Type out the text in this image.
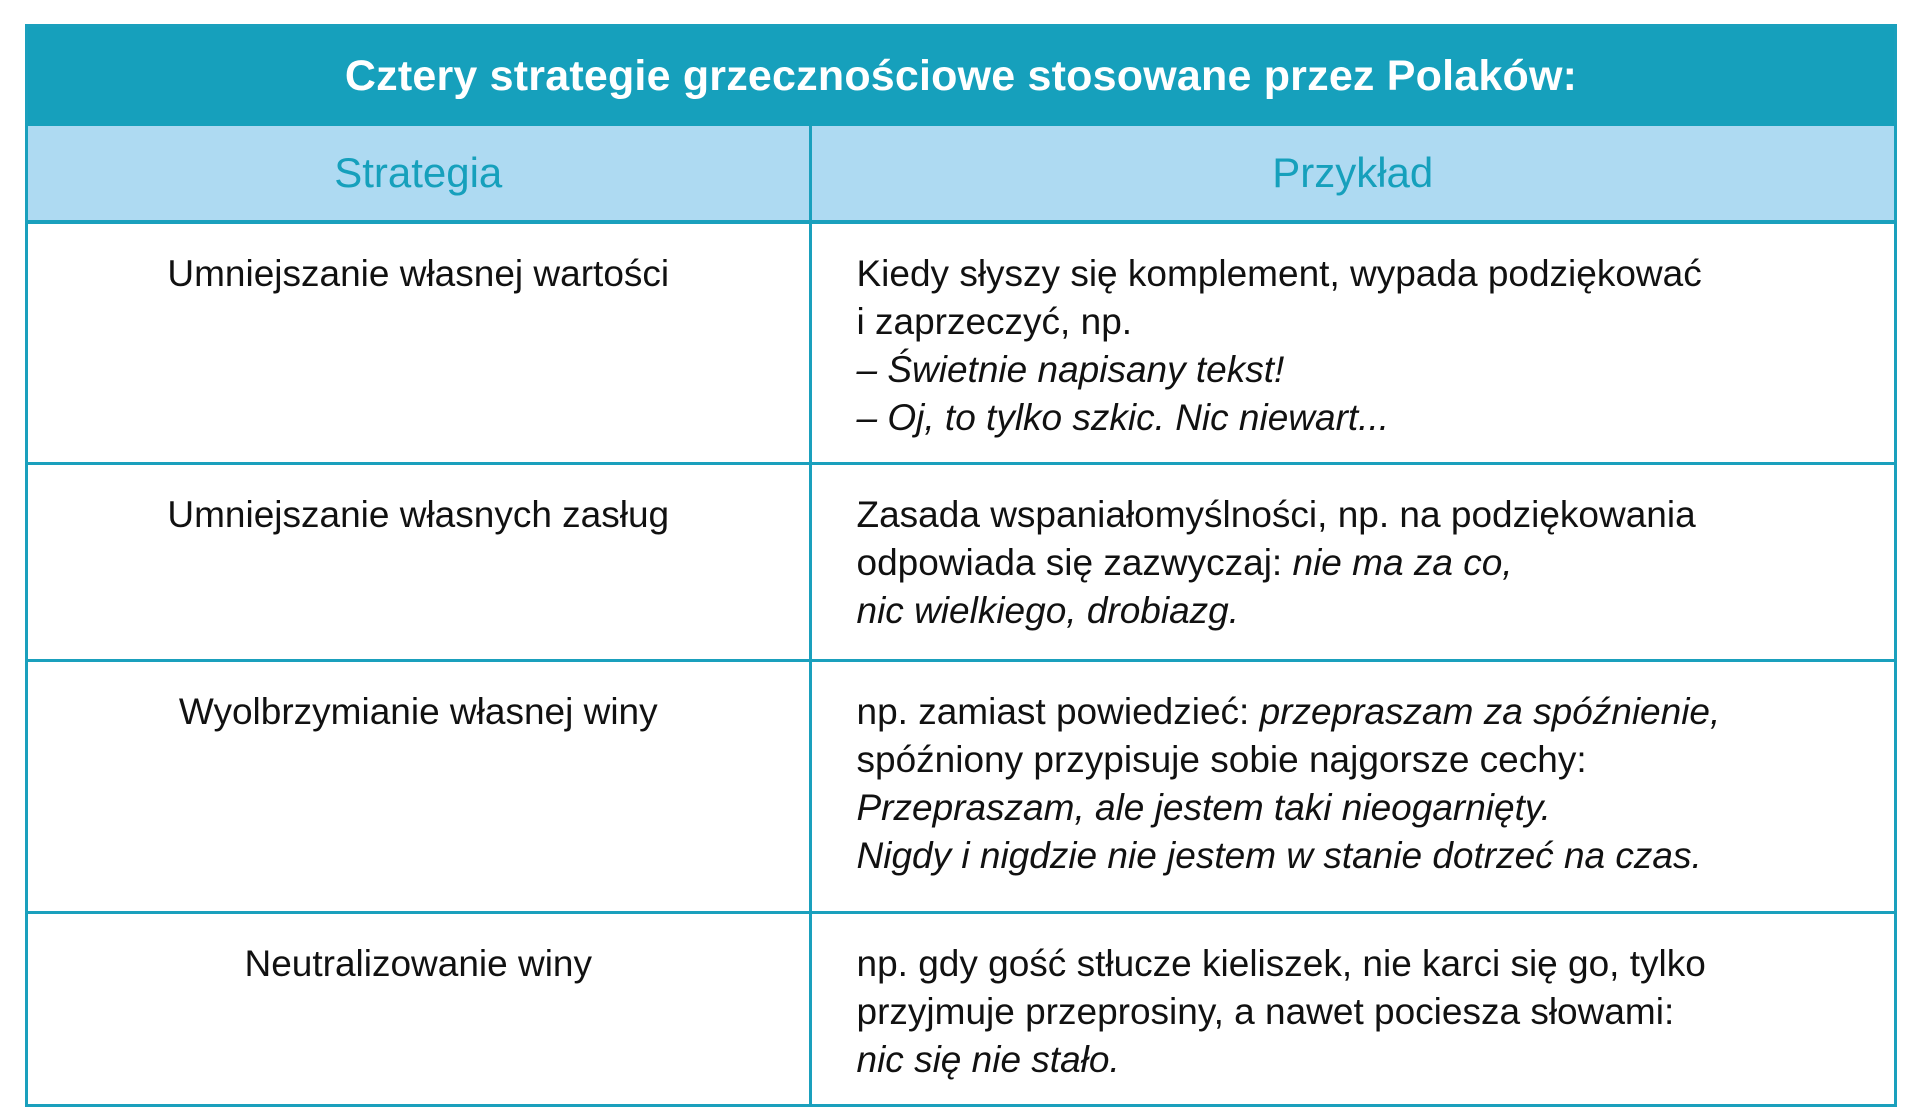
Cztery strategie grzecznościowe stosowane przez Polaków:
Strategia	Przykład
Umniejszanie własnej wartości	Kiedy słyszy się komplement, wypada podziękować
i zaprzeczyć, np.
– Świetnie napisany tekst!
– Oj, to tylko szkic. Nic niewart...

Umniejszanie własnych zasług	Zasada wspaniałomyślności, np. na podziękowania
odpowiada się zazwyczaj: nie ma za co,
nic wielkiego, drobiazg.

Wyolbrzymianie własnej winy	np. zamiast powiedzieć: przepraszam za spóźnienie,
spóźniony przypisuje sobie najgorsze cechy:
Przepraszam, ale jestem taki nieogarnięty.
Nigdy i nigdzie nie jestem w stanie dotrzeć na czas.

Neutralizowanie winy	np. gdy gość stłucze kieliszek, nie karci się go, tylko
przyjmuje przeprosiny, a nawet pociesza słowami:
nic się nie stało.
